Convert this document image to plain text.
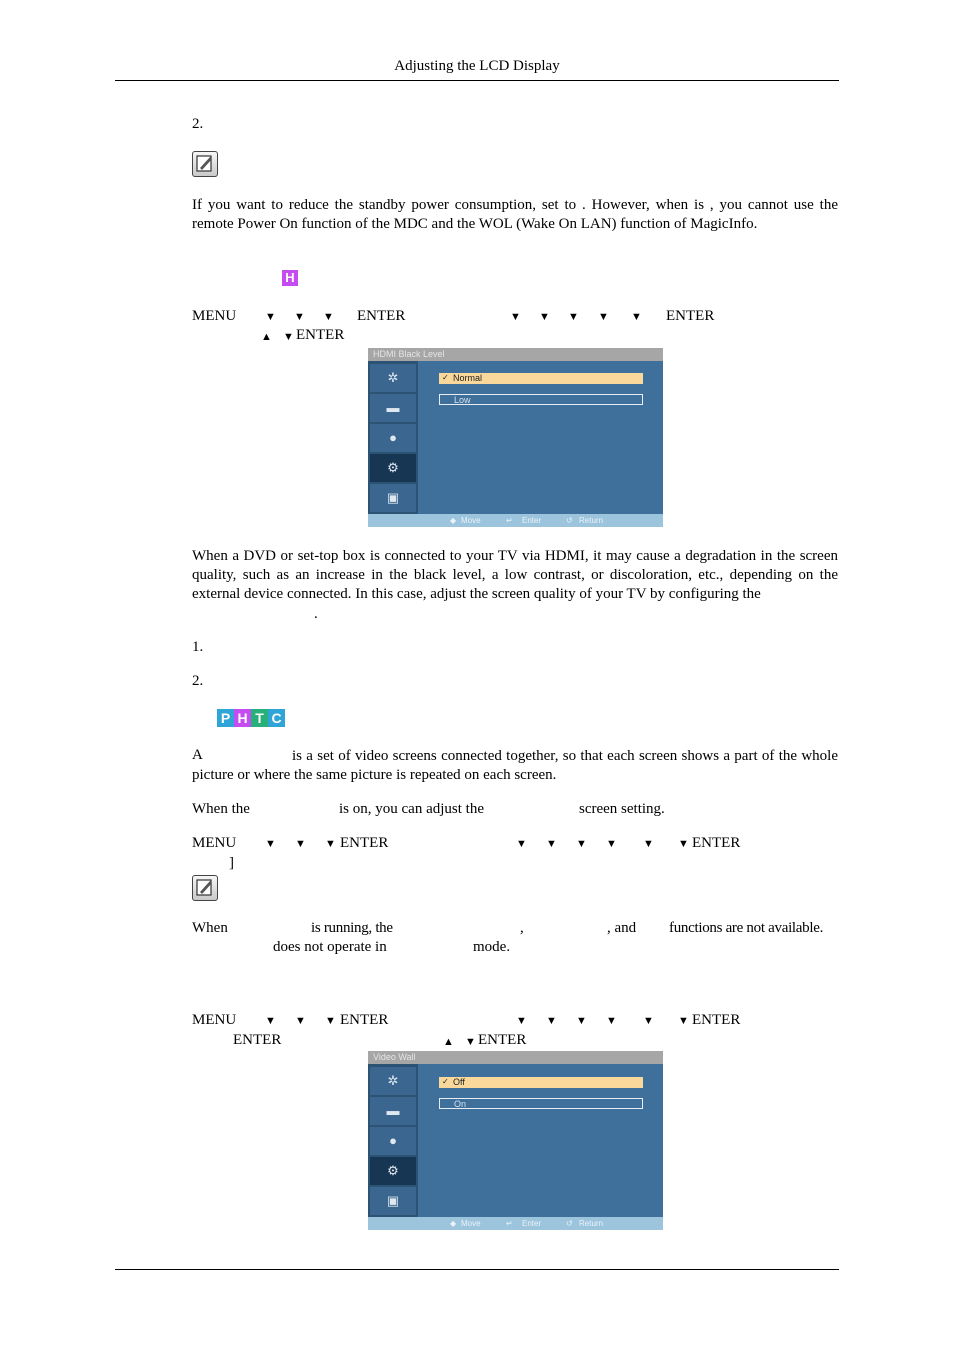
Adjusting the LCD Display
2.
If you want to reduce the standby power consumption, set to . However, when is , you cannot use the remote Power On function of the MDC and the WOL (Wake On LAN) function of MagicInfo.
H
MENU	▼ ▼ ▼ ENTER	▼ ▼ ▼ ▼ ▼ ENTER
▲ ▼ ENTER
HDMI Black Level
✲
▬
●
⚙
▣
✓ Normal
Low
◆ Move	↵ Enter	↺ Return
When a DVD or set-top box is connected to your TV via HDMI, it may cause a degradation in the screen quality, such as an increase in the black level, a low contrast, or discoloration, etc., depending on the external device connected. In this case, adjust the screen quality of your TV by configuring the
.
1.
2.
P H T C
A	is a set of video screens connected together, so that each screen shows a part of the whole picture or where the same picture is repeated on each screen.
When the	is on, you can adjust the	screen setting.
MENU	▼ ▼ ▼ ENTER	▼ ▼ ▼ ▼ ▼ ▼ ENTER
]
When	is running, the	,	, and functions are not available.
does not operate in	mode.
MENU	▼ ▼ ▼ ENTER	▼ ▼ ▼ ▼ ▼ ▼ ENTER
ENTER	▲ ▼ ENTER
Video Wall
✲
▬
●
⚙
▣
✓ Off
On
◆ Move	↵ Enter	↺ Return
